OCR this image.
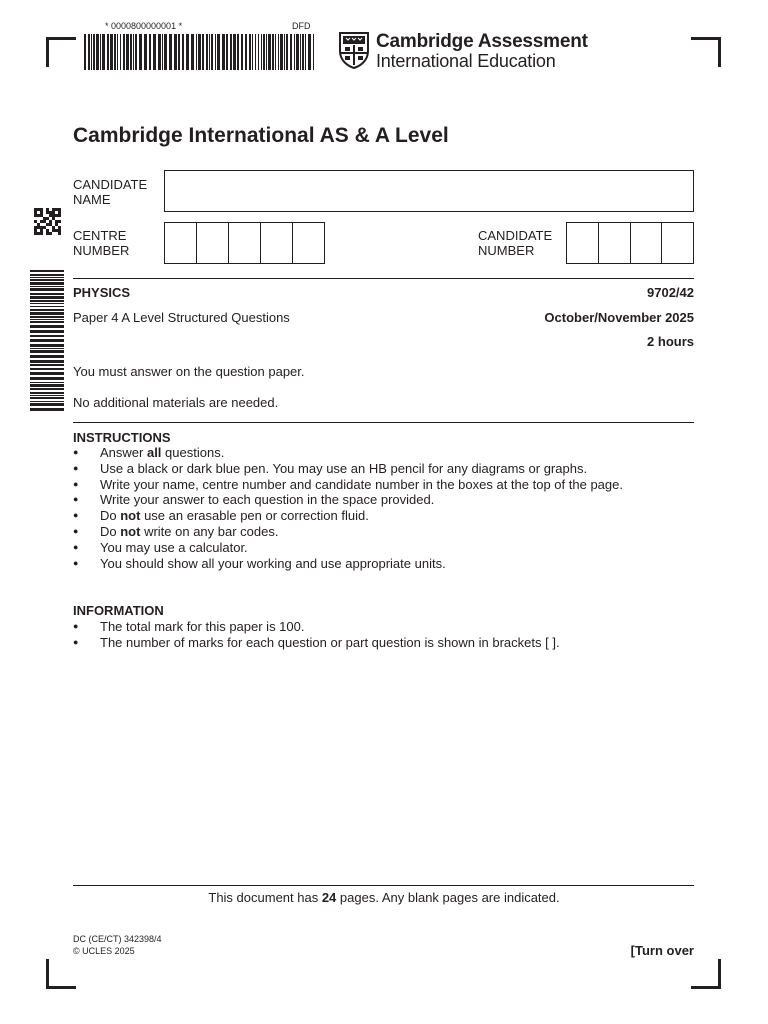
* 0000800000001 *	DFD
Cambridge Assessment
International Education
Cambridge International AS & A Level
CANDIDATE
NAME
CENTRE
NUMBER
CANDIDATE
NUMBER
PHYSICS	9702/42
Paper 4 A Level Structured Questions	October/November 2025
2 hours
You must answer on the question paper.
No additional materials are needed.
INSTRUCTIONS
● Answer all questions.
● Use a black or dark blue pen. You may use an HB pencil for any diagrams or graphs.
● Write your name, centre number and candidate number in the boxes at the top of the page.
● Write your answer to each question in the space provided.
● Do not use an erasable pen or correction fluid.
● Do not write on any bar codes.
● You may use a calculator.
● You should show all your working and use appropriate units.
INFORMATION
● The total mark for this paper is 100.
● The number of marks for each question or part question is shown in brackets [ ].
This document has 24 pages. Any blank pages are indicated.
DC (CE/CT) 342398/4
© UCLES 2025	[Turn over
